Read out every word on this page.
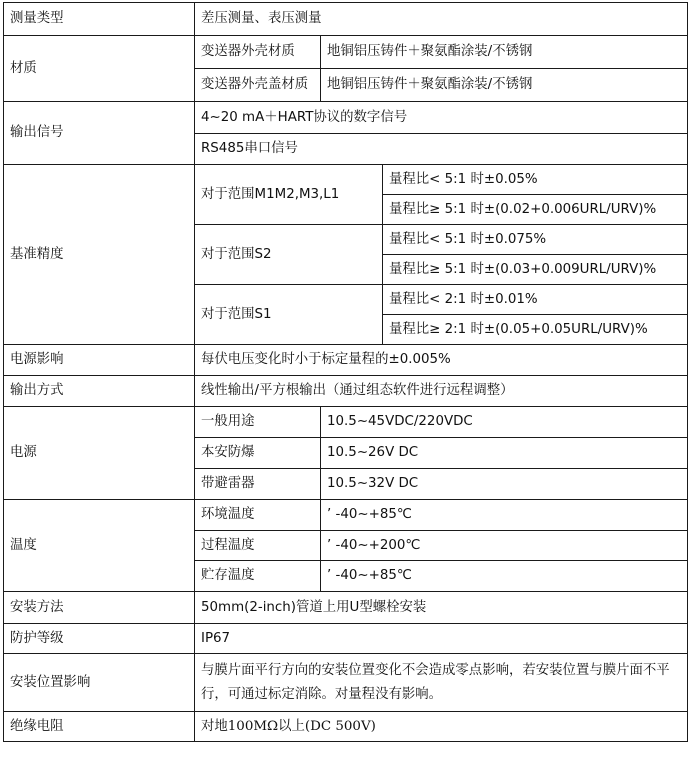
测量类型	差压测量、表压测量		
材质	变送器外壳材质	地铜铝压铸件＋聚氨酯涂装/不锈钢	
	变送器外壳盖材质	地铜铝压铸件＋聚氨酯涂装/不锈钢	
输出信号	4~20 mA＋HART协议的数字信号		
	RS485串口信号		
基准精度	对于范围M1M2,M3,L1		量程比< 5:1 时±0.05%
			量程比≥ 5:1 时±(0.02+0.006URL/URV)%
	对于范围S2		量程比< 5:1 时±0.075%
			量程比≥ 5:1 时±(0.03+0.009URL/URV)%
	对于范围S1		量程比< 2:1 时±0.01%
			量程比≥ 2:1 时±(0.05+0.05URL/URV)%
电源影响	每伏电压变化时小于标定量程的±0.005%		
输出方式	线性输出/平方根输出（通过组态软件进行远程调整）		
电源	一般用途	10.5~45VDC/220VDC	
	本安防爆	10.5~26V DC	
	带避雷器	10.5~32V DC	
温度	环境温度	’ -40~+85℃	
	过程温度	’ -40~+200℃	
	贮存温度	’ -40~+85℃	
安装方法	50mm(2-inch)管道上用U型螺栓安装		
防护等级	IP67		
安装位置影响	与膜片面平行方向的安装位置变化不会造成零点影响，若安装位置与膜片面不平行，可通过标定消除。对量程没有影响。		
绝缘电阻	对地100MΩ以上(DC 500V)		
